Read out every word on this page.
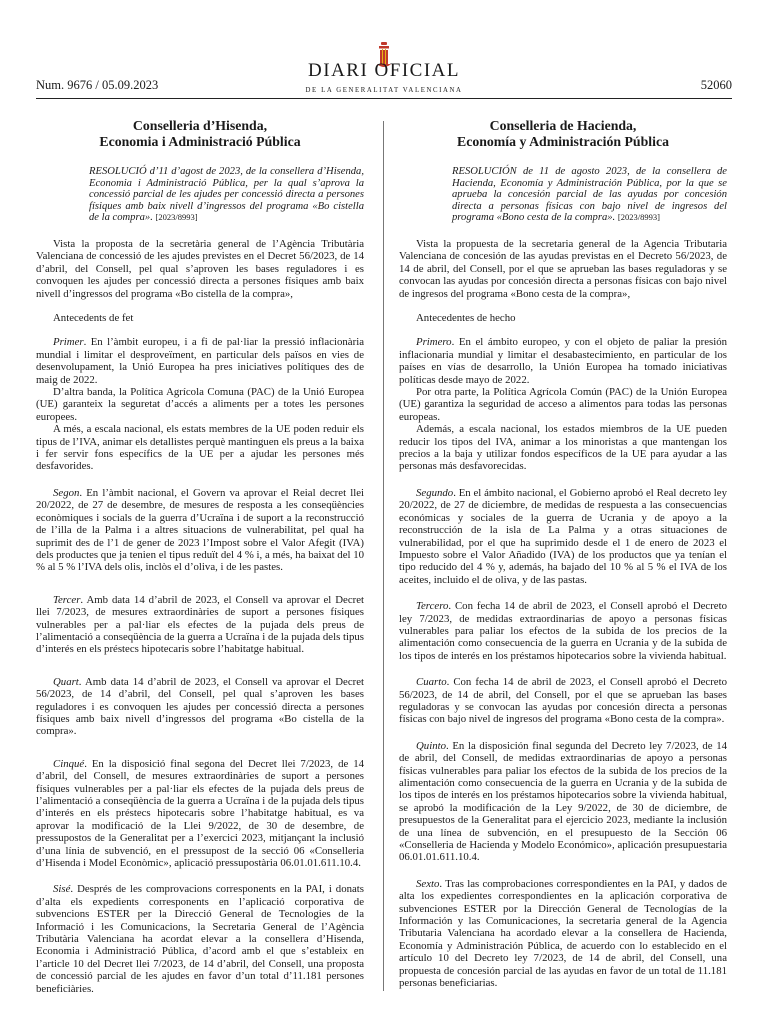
Num. 9676 / 05.09.2023
DIARI OFICIAL
DE LA GENERALITAT VALENCIANA	52060
Conselleria d’Hisenda,
Economia i Administració Pública
RESOLUCIÓ d’11 d’agost de 2023, de la consellera d’Hisenda, Economia i Administració Pública, per la qual s’aprova la concessió parcial de les ajudes per concessió directa a persones físiques amb baix nivell d’ingressos del programa «Bo cistella de la compra». [2023/8993]

Vista la proposta de la secretària general de l’Agència Tributària Valenciana de concessió de les ajudes previstes en el Decret 56/2023, de 14 d’abril, del Consell, pel qual s’aproven les bases reguladores i es convoquen les ajudes per concessió directa a persones físiques amb baix nivell d’ingressos del programa «Bo cistella de la compra»,

Antecedents de fet

Primer. En l’àmbit europeu, i a fi de pal·liar la pressió inflacionària mundial i limitar el desproveïment, en particular dels països en vies de desenvolupament, la Unió Europea ha pres iniciatives polítiques des de maig de 2022.

D’altra banda, la Política Agrícola Comuna (PAC) de la Unió Europea (UE) garanteix la seguretat d’accés a aliments per a totes les persones europees.

A més, a escala nacional, els estats membres de la UE poden reduir els tipus de l’IVA, animar els detallistes perquè mantinguen els preus a la baixa i fer servir fons específics de la UE per a ajudar les persones més desfavorides.

Segon. En l’àmbit nacional, el Govern va aprovar el Reial decret llei 20/2022, de 27 de desembre, de mesures de resposta a les conseqüències econòmiques i socials de la guerra d’Ucraïna i de suport a la reconstrucció de l’illa de la Palma i a altres situacions de vulnerabilitat, pel qual ha suprimit des de l’1 de gener de 2023 l’Impost sobre el Valor Afegit (IVA) dels productes que ja tenien el tipus reduït del 4 % i, a més, ha baixat del 10 % al 5 % l’IVA dels olis, inclòs el d’oliva, i de les pastes.

Tercer. Amb data 14 d’abril de 2023, el Consell va aprovar el Decret llei 7/2023, de mesures extraordinàries de suport a persones físiques vulnerables per a pal·liar els efectes de la pujada dels preus de l’alimentació a conseqüència de la guerra a Ucraïna i de la pujada dels tipus d’interés en els préstecs hipotecaris sobre l’habitatge habitual.

Quart. Amb data 14 d’abril de 2023, el Consell va aprovar el Decret 56/2023, de 14 d’abril, del Consell, pel qual s’aproven les bases reguladores i es convoquen les ajudes per concessió directa a persones físiques amb baix nivell d’ingressos del programa «Bo cistella de la compra».

Cinqué. En la disposició final segona del Decret llei 7/2023, de 14 d’abril, del Consell, de mesures extraordinàries de suport a persones físiques vulnerables per a pal·liar els efectes de la pujada dels preus de l’alimentació a conseqüència de la guerra a Ucraïna i de la pujada dels tipus d’interés en els préstecs hipotecaris sobre l’habitatge habitual, es va aprovar la modificació de la Llei 9/2022, de 30 de desembre, de pressupostos de la Generalitat per a l’exercici 2023, mitjançant la inclusió d’una línia de subvenció, en el pressupost de la secció 06 «Conselleria d’Hisenda i Model Econòmic», aplicació pressupostària 06.01.01.611.10.4.

Sisé. Després de les comprovacions corresponents en la PAI, i donats d’alta els expedients corresponents en l’aplicació corporativa de subvencions ESTER per la Direcció General de Tecnologies de la Informació i les Comunicacions, la Secretaria General de l’Agència Tributària Valenciana ha acordat elevar a la consellera d’Hisenda, Economia i Administració Pública, d’acord amb el que s’estableix en l’article 10 del Decret llei 7/2023, de 14 d’abril, del Consell, una proposta de concessió parcial de les ajudes en favor d’un total d’11.181 persones beneficiàries.

Conselleria de Hacienda,
Economía y Administración Pública
RESOLUCIÓN de 11 de agosto 2023, de la consellera de Hacienda, Economía y Administración Pública, por la que se aprueba la concesión parcial de las ayudas por concesión directa a personas físicas con bajo nivel de ingresos del programa «Bono cesta de la compra». [2023/8993]

Vista la propuesta de la secretaria general de la Agencia Tributaria Valenciana de concesión de las ayudas previstas en el Decreto 56/2023, de 14 de abril, del Consell, por el que se aprueban las bases reguladoras y se convocan las ayudas por concesión directa a personas físicas con bajo nivel de ingresos del programa «Bono cesta de la compra»,

Antecedentes de hecho

Primero. En el ámbito europeo, y con el objeto de paliar la presión inflacionaria mundial y limitar el desabastecimiento, en particular de los países en vías de desarrollo, la Unión Europea ha tomado iniciativas políticas desde mayo de 2022.

Por otra parte, la Política Agrícola Común (PAC) de la Unión Europea (UE) garantiza la seguridad de acceso a alimentos para todas las personas europeas.

Además, a escala nacional, los estados miembros de la UE pueden reducir los tipos del IVA, animar a los minoristas a que mantengan los precios a la baja y utilizar fondos específicos de la UE para ayudar a las personas más desfavorecidas.

Segundo. En el ámbito nacional, el Gobierno aprobó el Real decreto ley 20/2022, de 27 de diciembre, de medidas de respuesta a las consecuencias económicas y sociales de la guerra de Ucrania y de apoyo a la reconstrucción de la isla de La Palma y a otras situaciones de vulnerabilidad, por el que ha suprimido desde el 1 de enero de 2023 el Impuesto sobre el Valor Añadido (IVA) de los productos que ya tenían el tipo reducido del 4 % y, además, ha bajado del 10 % al 5 % el IVA de los aceites, incluido el de oliva, y de las pastas.

Tercero. Con fecha 14 de abril de 2023, el Consell aprobó el Decreto ley 7/2023, de medidas extraordinarias de apoyo a personas físicas vulnerables para paliar los efectos de la subida de los precios de la alimentación como consecuencia de la guerra en Ucrania y de la subida de los tipos de interés en los préstamos hipotecarios sobre la vivienda habitual.

Cuarto. Con fecha 14 de abril de 2023, el Consell aprobó el Decreto 56/2023, de 14 de abril, del Consell, por el que se aprueban las bases reguladoras y se convocan las ayudas por concesión directa a personas físicas con bajo nivel de ingresos del programa «Bono cesta de la compra».

Quinto. En la disposición final segunda del Decreto ley 7/2023, de 14 de abril, del Consell, de medidas extraordinarias de apoyo a personas físicas vulnerables para paliar los efectos de la subida de los precios de la alimentación como consecuencia de la guerra en Ucrania y de la subida de los tipos de interés en los préstamos hipotecarios sobre la vivienda habitual, se aprobó la modificación de la Ley 9/2022, de 30 de diciembre, de presupuestos de la Generalitat para el ejercicio 2023, mediante la inclusión de una línea de subvención, en el presupuesto de la Sección 06 «Conselleria de Hacienda y Modelo Económico», aplicación presupuestaria 06.01.01.611.10.4.

Sexto. Tras las comprobaciones correspondientes en la PAI, y dados de alta los expedientes correspondientes en la aplicación corporativa de subvenciones ESTER por la Dirección General de Tecnologías de la Información y las Comunicaciones, la secretaria general de la Agencia Tributaria Valenciana ha acordado elevar a la consellera de Hacienda, Economía y Administración Pública, de acuerdo con lo establecido en el artículo 10 del Decreto ley 7/2023, de 14 de abril, del Consell, una propuesta de concesión parcial de las ayudas en favor de un total de 11.181 personas beneficiarias.
